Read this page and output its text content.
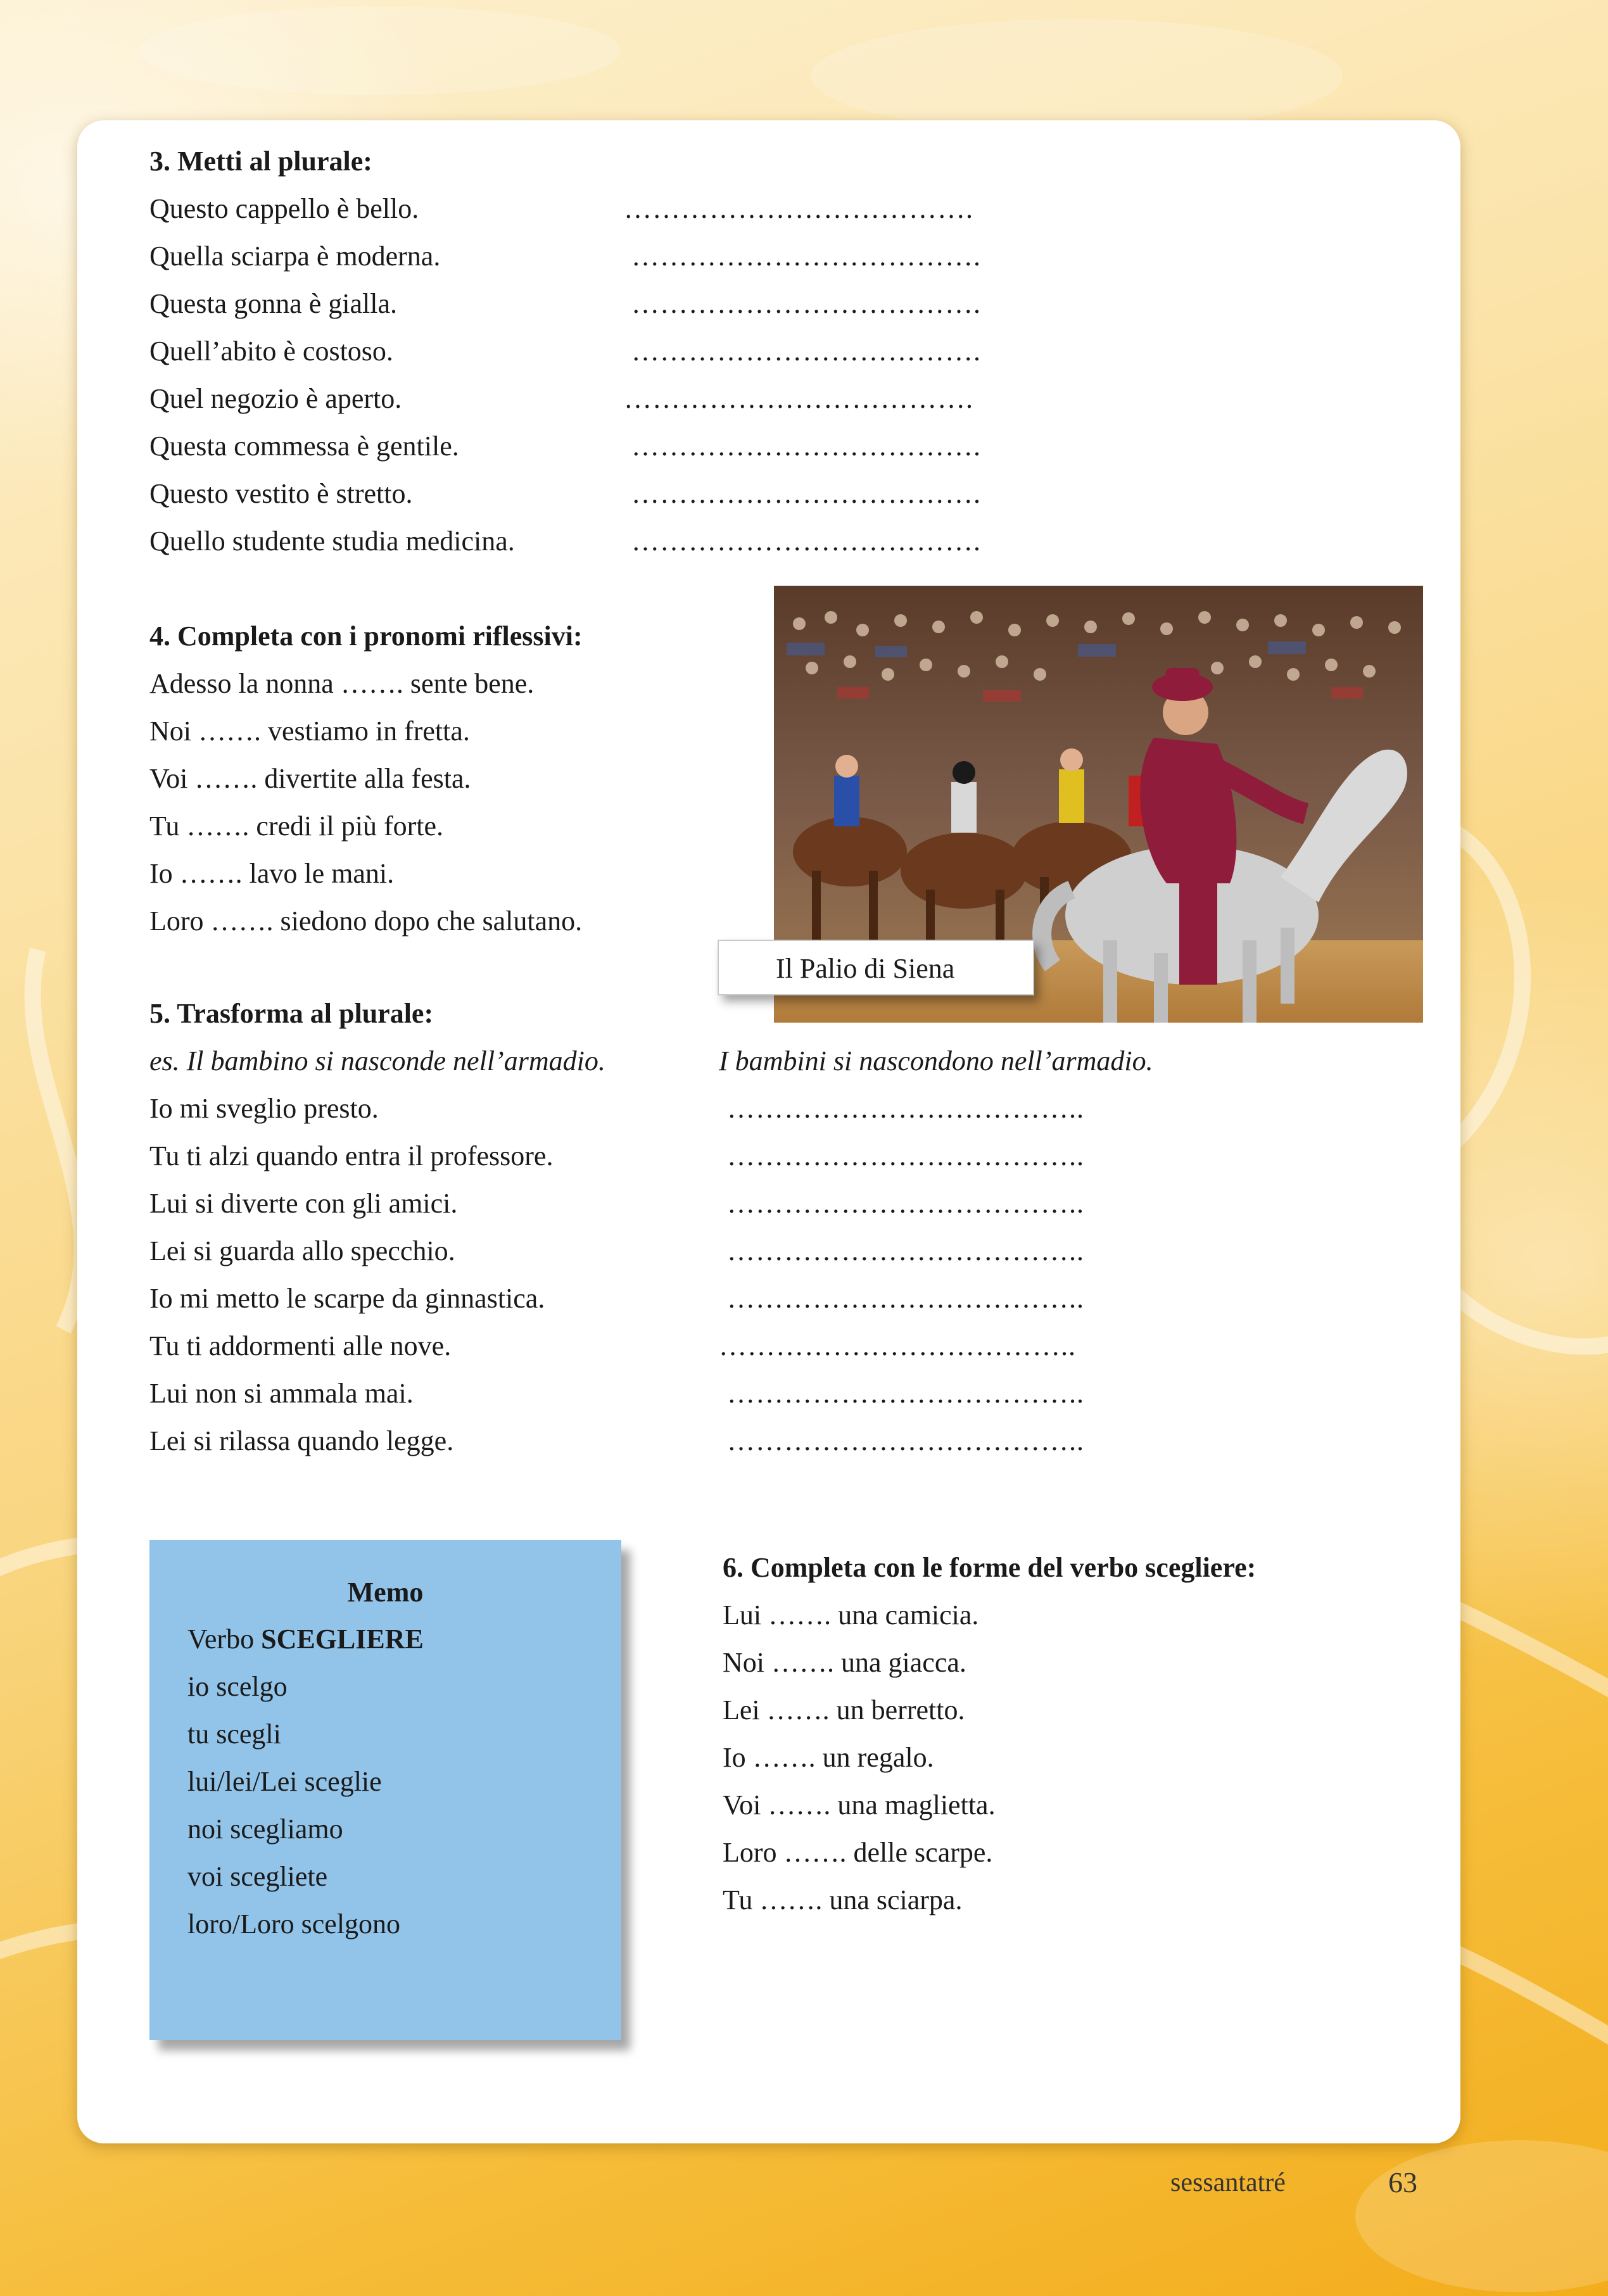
3. Metti al plurale:
Questo cappello è bello.
Quella sciarpa è moderna.
Questa gonna è gialla.
Quell’abito è costoso.
Quel negozio è aperto.
Questa commessa è gentile.
Questo vestito è stretto.
Quello studente studia medicina.
……………………………….
……………………………….
……………………………….
……………………………….
……………………………….
……………………………….
……………………………….
……………………………….
4. Completa con i pronomi riflessivi:
Adesso la nonna ……. sente bene.
Noi ……. vestiamo in fretta.
Voi ……. divertite alla festa.
Tu ……. credi il più forte.
Io ……. lavo le mani.
Loro ……. siedono dopo che salutano.
Il Palio di Siena
5. Trasforma al plurale:
es. Il bambino si nasconde nell’armadio.	I bambini si nascondono nell’armadio.
Io mi sveglio presto.
Tu ti alzi quando entra il professore.
Lui si diverte con gli amici.
Lei si guarda allo specchio.
Io mi metto le scarpe da ginnastica.
Tu ti addormenti alle nove.
Lui non si ammala mai.
Lei si rilassa quando legge.
………………………………..
………………………………..
………………………………..
………………………………..
………………………………..
………………………………..
………………………………..
………………………………..
Memo
Verbo SCEGLIERE
io scelgo
tu scegli
lui/lei/Lei sceglie
noi scegliamo
voi scegliete
loro/Loro scelgono
6. Completa con le forme del verbo scegliere:
Lui ……. una camicia.
Noi ……. una giacca.
Lei ……. un berretto.
Io ……. un regalo.
Voi ……. una maglietta.
Loro ……. delle scarpe.
Tu ……. una sciarpa.
sessantatré	63
